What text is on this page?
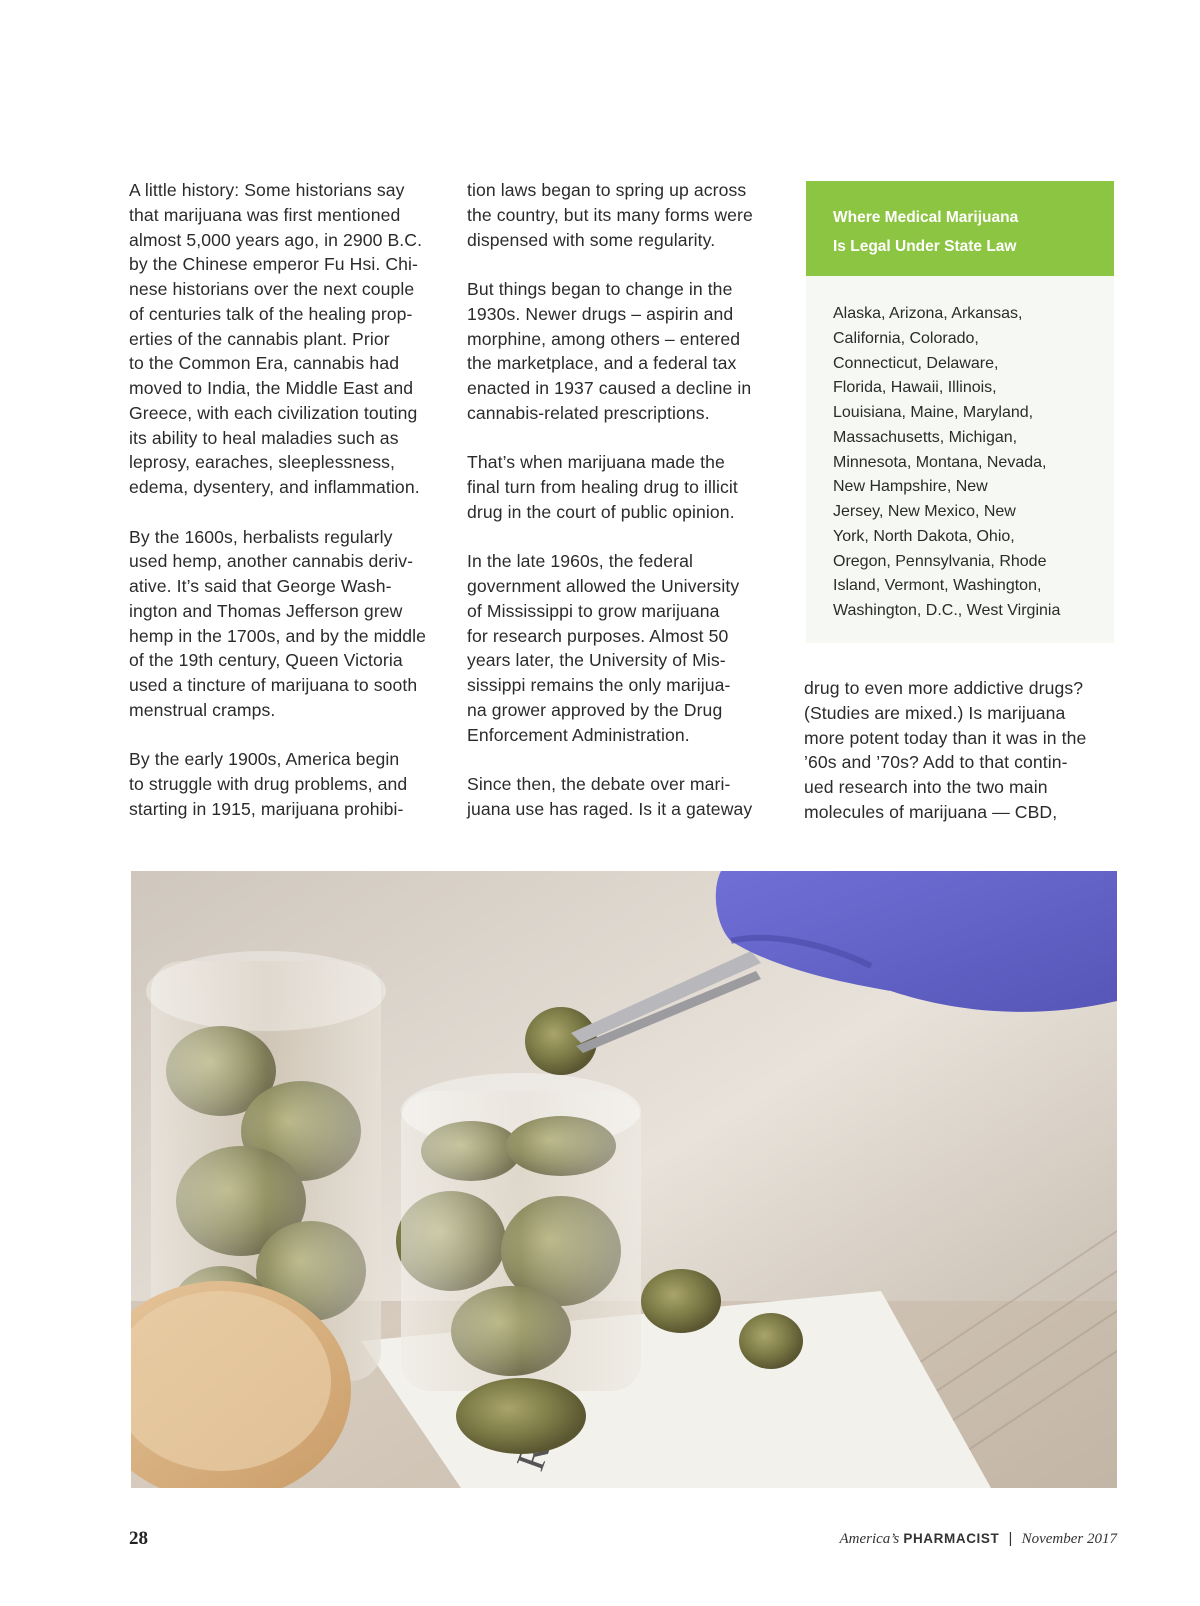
A little history: Some historians say
that marijuana was first mentioned
almost 5,000 years ago, in 2900 B.C.
by the Chinese emperor Fu Hsi. Chi-
nese historians over the next couple
of centuries talk of the healing prop-
erties of the cannabis plant. Prior
to the Common Era, cannabis had
moved to India, the Middle East and
Greece, with each civilization touting
its ability to heal maladies such as
leprosy, earaches, sleeplessness,
edema, dysentery, and inflammation.

By the 1600s, herbalists regularly
used hemp, another cannabis deriv-
ative. It’s said that George Wash-
ington and Thomas Jefferson grew
hemp in the 1700s, and by the middle
of the 19th century, Queen Victoria
used a tincture of marijuana to sooth
menstrual cramps.

By the early 1900s, America begin
to struggle with drug problems, and
starting in 1915, marijuana prohibi-

tion laws began to spring up across
the country, but its many forms were
dispensed with some regularity.

But things began to change in the
1930s. Newer drugs – aspirin and
morphine, among others – entered
the marketplace, and a federal tax
enacted in 1937 caused a decline in
cannabis-related prescriptions.

That’s when marijuana made the
final turn from healing drug to illicit
drug in the court of public opinion.

In the late 1960s, the federal
government allowed the University
of Mississippi to grow marijuana
for research purposes. Almost 50
years later, the University of Mis-
sissippi remains the only marijua-
na grower approved by the Drug
Enforcement Administration.

Since then, the debate over mari-
juana use has raged. Is it a gateway

Where Medical Marijuana
Is Legal Under State Law
Alaska, Arizona, Arkansas,
California, Colorado,
Connecticut, Delaware,
Florida, Hawaii, Illinois,
Louisiana, Maine, Maryland,
Massachusetts, Michigan,
Minnesota, Montana, Nevada,
New Hampshire, New
Jersey, New Mexico, New
York, North Dakota, Ohio,
Oregon, Pennsylvania, Rhode
Island, Vermont, Washington,
Washington, D.C., West Virginia

drug to even more addictive drugs?
(Studies are mixed.) Is marijuana
more potent today than it was in the
’60s and ’70s? Add to that contin-
ued research into the two main
molecules of marijuana — CBD,

28	America’s PHARMACIST | November 2017
